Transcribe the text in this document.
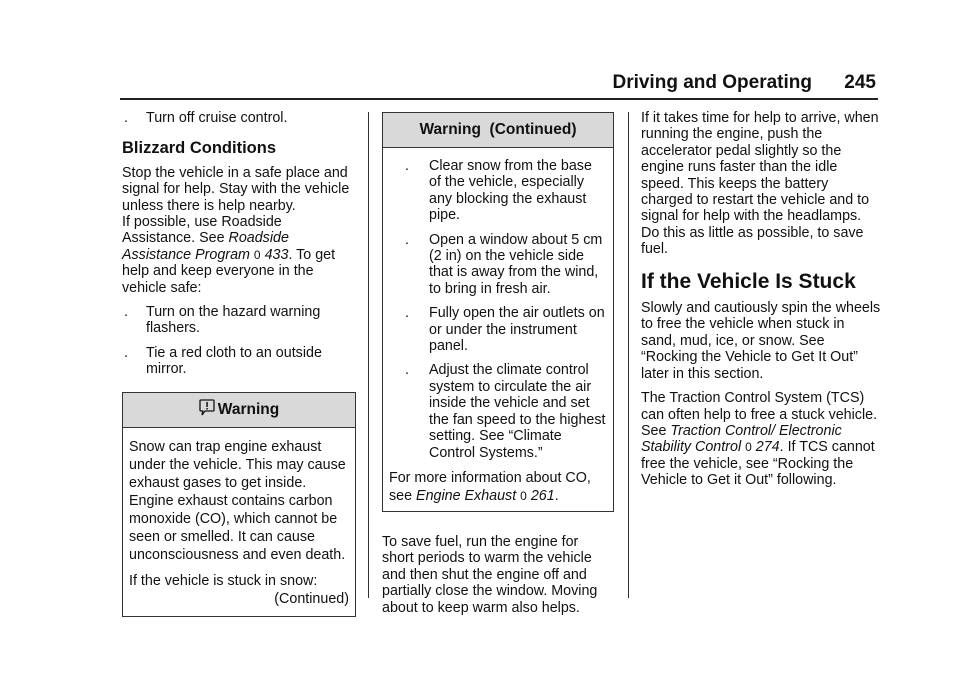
Driving and Operating 245
.	Turn off cruise control.
Blizzard Conditions

Stop the vehicle in a safe place and signal for help. Stay with the vehicle unless there is help nearby.

If possible, use Roadside Assistance. See Roadside Assistance Program 0 433. To get help and keep everyone in the vehicle safe:

.	Turn on the hazard warning flashers.
.	Tie a red cloth to an outside mirror.
Warning

Snow can trap engine exhaust under the vehicle. This may cause exhaust gases to get inside. Engine exhaust contains carbon monoxide (CO), which cannot be seen or smelled. It can cause unconsciousness and even death.

If the vehicle is stuck in snow:

(Continued)
Warning  (Continued)
.	Clear snow from the base of the vehicle, especially any blocking the exhaust pipe.
.	Open a window about 5 cm (2 in) on the vehicle side that is away from the wind, to bring in fresh air.
.	Fully open the air outlets on or under the instrument panel.
.	Adjust the climate control system to circulate the air inside the vehicle and set the fan speed to the highest setting. See “Climate Control Systems.”

For more information about CO, see Engine Exhaust 0 261.

To save fuel, run the engine for short periods to warm the vehicle and then shut the engine off and partially close the window. Moving about to keep warm also helps.

If it takes time for help to arrive, when running the engine, push the accelerator pedal slightly so the engine runs faster than the idle speed. This keeps the battery charged to restart the vehicle and to signal for help with the headlamps. Do this as little as possible, to save fuel.

If the Vehicle Is Stuck

Slowly and cautiously spin the wheels to free the vehicle when stuck in sand, mud, ice, or snow. See “Rocking the Vehicle to Get It Out” later in this section.

The Traction Control System (TCS) can often help to free a stuck vehicle. See Traction Control/ Electronic Stability Control 0 274. If TCS cannot free the vehicle, see “Rocking the Vehicle to Get it Out” following.
